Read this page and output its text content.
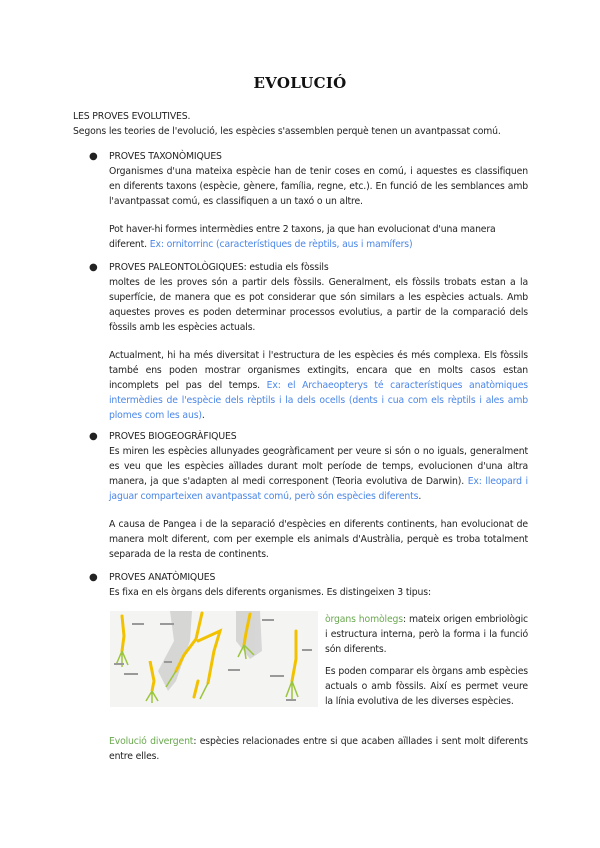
EVOLUCIÓ
LES PROVES EVOLUTIVES.
Segons les teories de l'evolució, les espècies s'assemblen perquè tenen un avantpassat comú.
● PROVES TAXONÒMIQUES

Organismes d'una mateixa espècie han de tenir coses en comú, i aquestes es classifiquen en diferents taxons (espècie, gènere, família, regne, etc.). En funció de les semblances amb l'avantpassat comú, es classifiquen a un taxó o un altre.

Pot haver-hi formes intermèdies entre 2 taxons, ja que han evolucionat d'una manera diferent. Ex: ornitorrinc (característiques de rèptils, aus i mamífers)

● PROVES PALEONTOLÒGIQUES: estudia els fòssils

moltes de les proves són a partir dels fòssils. Generalment, els fòssils trobats estan a la superfície, de manera que es pot considerar que són similars a les espècies actuals. Amb aquestes proves es poden determinar processos evolutius, a partir de la comparació dels fòssils amb les espècies actuals.

Actualment, hi ha més diversitat i l'estructura de les espècies és més complexa. Els fòssils també ens poden mostrar organismes extingits, encara que en molts casos estan incomplets pel pas del temps. Ex: el Archaeopterys té característiques anatòmiques intermèdies de l'espècie dels rèptils i la dels ocells (dents i cua com els rèptils i ales amb plomes com les aus).

● PROVES BIOGEOGRÀFIQUES

Es miren les espècies allunyades geogràficament per veure si són o no iguals, generalment es veu que les espècies aïllades durant molt període de temps, evolucionen d'una altra manera, ja que s'adapten al medi corresponent (Teoria evolutiva de Darwin). Ex: lleopard i jaguar comparteixen avantpassat comú, però són espècies diferents.

A causa de Pangea i de la separació d'espècies en diferents continents, han evolucionat de manera molt diferent, com per exemple els animals d'Austràlia, perquè es troba totalment separada de la resta de continents.

● PROVES ANATÒMIQUES

Es fixa en els òrgans dels diferents organismes. Es distingeixen 3 tipus:

òrgans homòlegs: mateix origen embriològic i estructura interna, però la forma i la funció són diferents.

Es poden comparar els òrgans amb espècies actuals o amb fòssils. Així es permet veure la línia evolutiva de les diverses espècies.

Evolució divergent: espècies relacionades entre si que acaben aïllades i sent molt diferents entre elles.
